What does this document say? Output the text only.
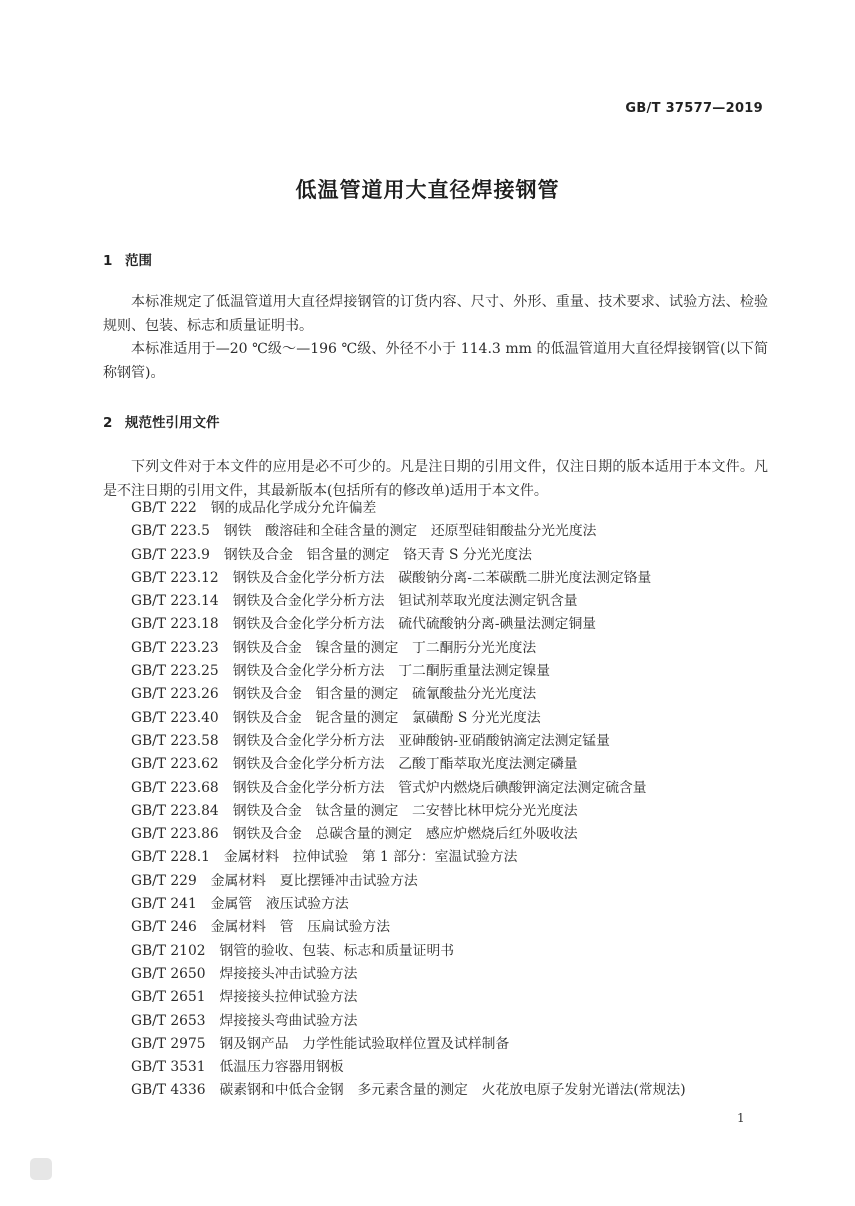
GB/T 37577—2019
低温管道用大直径焊接钢管
1 范围

本标准规定了低温管道用大直径焊接钢管的订货内容、尺寸、外形、重量、技术要求、试验方法、检验规则、包装、标志和质量证明书。

本标准适用于—20 ℃级～—196 ℃级、外径不小于 114.3 mm 的低温管道用大直径焊接钢管(以下简称钢管)。

2 规范性引用文件

下列文件对于本文件的应用是必不可少的。凡是注日期的引用文件，仅注日期的版本适用于本文件。凡是不注日期的引用文件，其最新版本(包括所有的修改单)适用于本文件。

GB/T 222 钢的成品化学成分允许偏差
GB/T 223.5 钢铁　酸溶硅和全硅含量的测定　还原型硅钼酸盐分光光度法
GB/T 223.9 钢铁及合金　铝含量的测定　铬天青 S 分光光度法
GB/T 223.12 钢铁及合金化学分析方法　碳酸钠分离-二苯碳酰二肼光度法测定铬量
GB/T 223.14 钢铁及合金化学分析方法　钽试剂萃取光度法测定钒含量
GB/T 223.18 钢铁及合金化学分析方法　硫代硫酸钠分离-碘量法测定铜量
GB/T 223.23 钢铁及合金　镍含量的测定　丁二酮肟分光光度法
GB/T 223.25 钢铁及合金化学分析方法　丁二酮肟重量法测定镍量
GB/T 223.26 钢铁及合金　钼含量的测定　硫氰酸盐分光光度法
GB/T 223.40 钢铁及合金　铌含量的测定　氯磺酚 S 分光光度法
GB/T 223.58 钢铁及合金化学分析方法　亚砷酸钠-亚硝酸钠滴定法测定锰量
GB/T 223.62 钢铁及合金化学分析方法　乙酸丁酯萃取光度法测定磷量
GB/T 223.68 钢铁及合金化学分析方法　管式炉内燃烧后碘酸钾滴定法测定硫含量
GB/T 223.84 钢铁及合金　钛含量的测定　二安替比林甲烷分光光度法
GB/T 223.86 钢铁及合金　总碳含量的测定　感应炉燃烧后红外吸收法
GB/T 228.1 金属材料　拉伸试验　第 1 部分：室温试验方法
GB/T 229 金属材料　夏比摆锤冲击试验方法
GB/T 241 金属管　液压试验方法
GB/T 246 金属材料　管　压扁试验方法
GB/T 2102 钢管的验收、包装、标志和质量证明书
GB/T 2650 焊接接头冲击试验方法
GB/T 2651 焊接接头拉伸试验方法
GB/T 2653 焊接接头弯曲试验方法
GB/T 2975 钢及钢产品　力学性能试验取样位置及试样制备
GB/T 3531 低温压力容器用钢板
GB/T 4336 碳素钢和中低合金钢　多元素含量的测定　火花放电原子发射光谱法(常规法)
1
